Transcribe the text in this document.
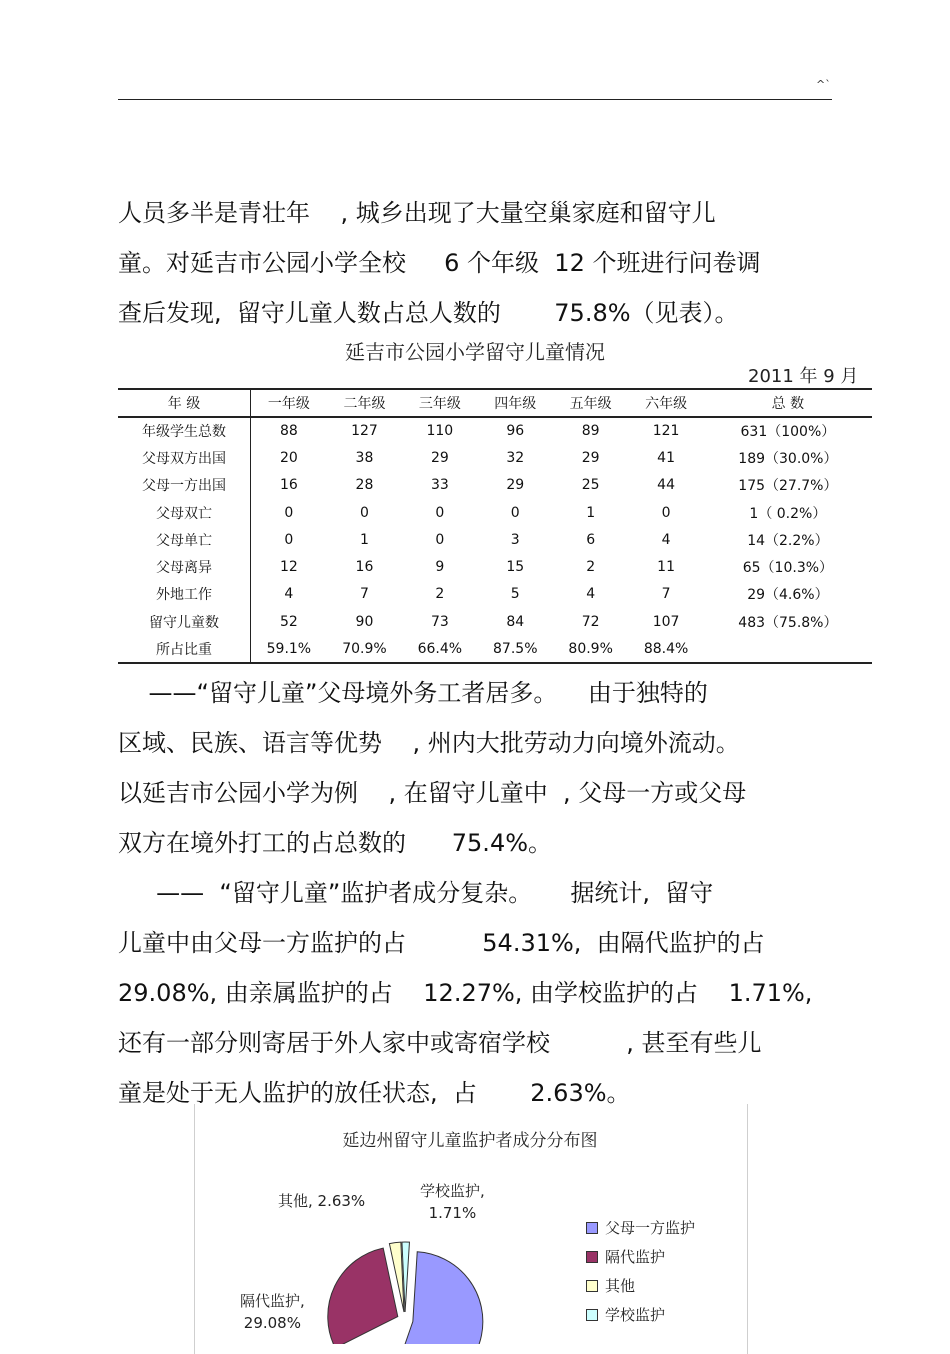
^`

人员多半是青壮年    , 城乡出现了大量空巢家庭和留守儿
童。对延吉市公园小学全校     6 个年级  12 个班进行问卷调
查后发现,  留守儿童人数占总人数的       75.8%（见表）。

延吉市公园小学留守儿童情况
2011 年 9 月
年 级	一年级	二年级	三年级	四年级	五年级	六年级	总 数
年级学生总数	88	127	110	96	89	121	631（100%）
父母双方出国	20	38	29	32	29	41	189（30.0%）
父母一方出国	16	28	33	29	25	44	175（27.7%）
父母双亡	0	0	0	0	1	0	1（ 0.2%）
父母单亡	0	1	0	3	6	4	14（2.2%）
父母离异	12	16	9	15	2	11	65（10.3%）
外地工作	4	7	2	5	4	7	29（4.6%）
留守儿童数	52	90	73	84	72	107	483（75.8%）
所占比重	59.1%	70.9%	66.4%	87.5%	80.9%	88.4%	

——“留守儿童”父母境外务工者居多。    由于独特的
区域、民族、语言等优势    , 州内大批劳动力向境外流动。
以延吉市公园小学为例    , 在留守儿童中  , 父母一方或父母
双方在境外打工的占总数的      75.4%。

——  “留守儿童”监护者成分复杂。     据统计,  留守
儿童中由父母一方监护的占          54.31%,  由隔代监护的占
29.08%, 由亲属监护的占    12.27%, 由学校监护的占    1.71%,
还有一部分则寄居于外人家中或寄宿学校          , 甚至有些儿
童是处于无人监护的放任状态,  占       2.63%。

延边州留守儿童监护者成分分布图
其他, 2.63%
学校监护,
1.71%
隔代监护,
29.08%
父母一方监护
隔代监护
其他
学校监护
